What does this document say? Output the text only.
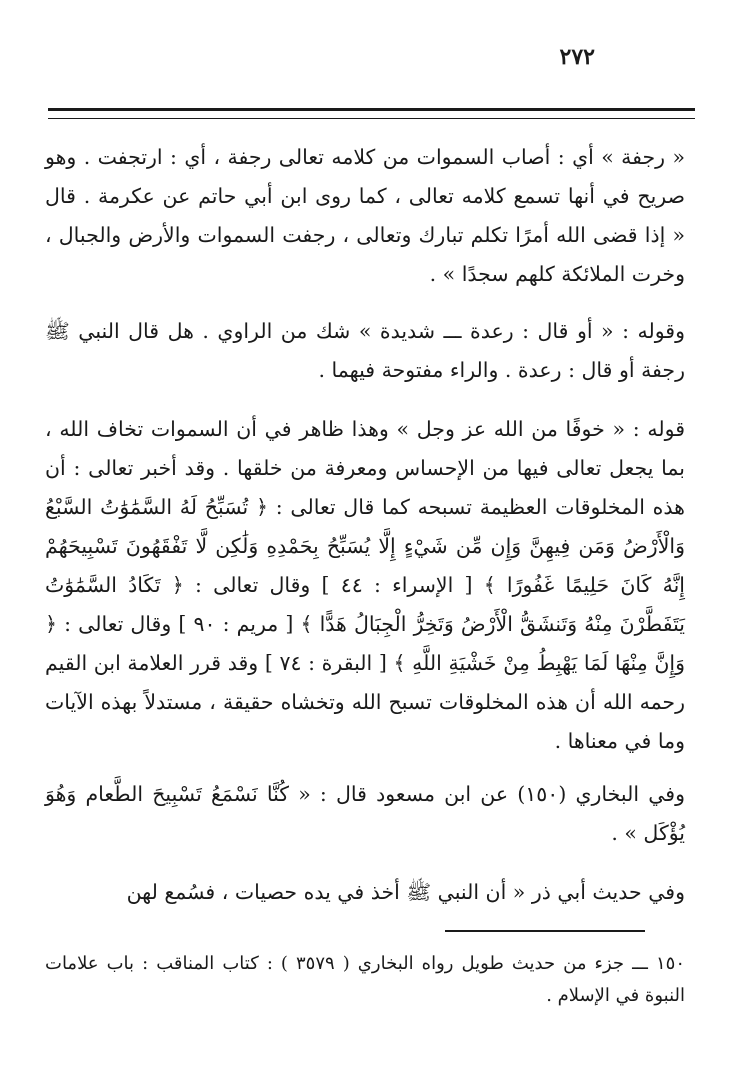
٢٧٢

« رجفة » أي : أصاب السموات من كلامه تعالى رجفة ، أي : ارتجفت . وهو صريح في أنها تسمع كلامه تعالى ، كما روى ابن أبي حاتم عن عكرمة . قال « إذا قضى الله أمرًا تكلم تبارك وتعالى ، رجفت السموات والأرض والجبال ، وخرت الملائكة كلهم سجدًا » .

وقوله : « أو قال : رعدة ـــ شديدة » شك من الراوي . هل قال النبي ﷺ رجفة أو قال : رعدة . والراء مفتوحة فيهما .

قوله : « خوفًا من الله عز وجل » وهذا ظاهر في أن السموات تخاف الله ، بما يجعل تعالى فيها من الإحساس ومعرفة من خلقها . وقد أخبر تعالى : أن هذه المخلوقات العظيمة تسبحه كما قال تعالى : ﴿ تُسَبِّحُ لَهُ السَّمَٰوَٰتُ السَّبْعُ وَالْأَرْضُ وَمَن فِيهِنَّ وَإِن مِّن شَيْءٍ إِلَّا يُسَبِّحُ بِحَمْدِهِ وَلَٰكِن لَّا تَفْقَهُونَ تَسْبِيحَهُمْ إِنَّهُ كَانَ حَلِيمًا غَفُورًا ﴾ [ الإسراء : ٤٤ ] وقال تعالى : ﴿ تَكَادُ السَّمَٰوَٰتُ يَتَفَطَّرْنَ مِنْهُ وَتَنشَقُّ الْأَرْضُ وَتَخِرُّ الْجِبَالُ هَدًّا ﴾ [ مريم : ٩٠ ] وقال تعالى : ﴿ وَإِنَّ مِنْهَا لَمَا يَهْبِطُ مِنْ خَشْيَةِ اللَّهِ ﴾ [ البقرة : ٧٤ ] وقد قرر العلامة ابن القيم رحمه الله أن هذه المخلوقات تسبح الله وتخشاه حقيقة ، مستدلاً بهذه الآيات وما في معناها .

وفي البخاري (١٥٠) عن ابن مسعود قال : « كُنَّا نَسْمَعُ تَسْبِيحَ الطَّعام وَهُوَ يُؤْكَل » .

وفي حديث أبي ذر « أن النبي ﷺ أخذ في يده حصيات ، فسُمع لهن

١٥٠ ـــ جزء من حديث طويل رواه البخاري ( ٣٥٧٩ ) : كتاب المناقب : باب علامات النبوة في الإسلام .
